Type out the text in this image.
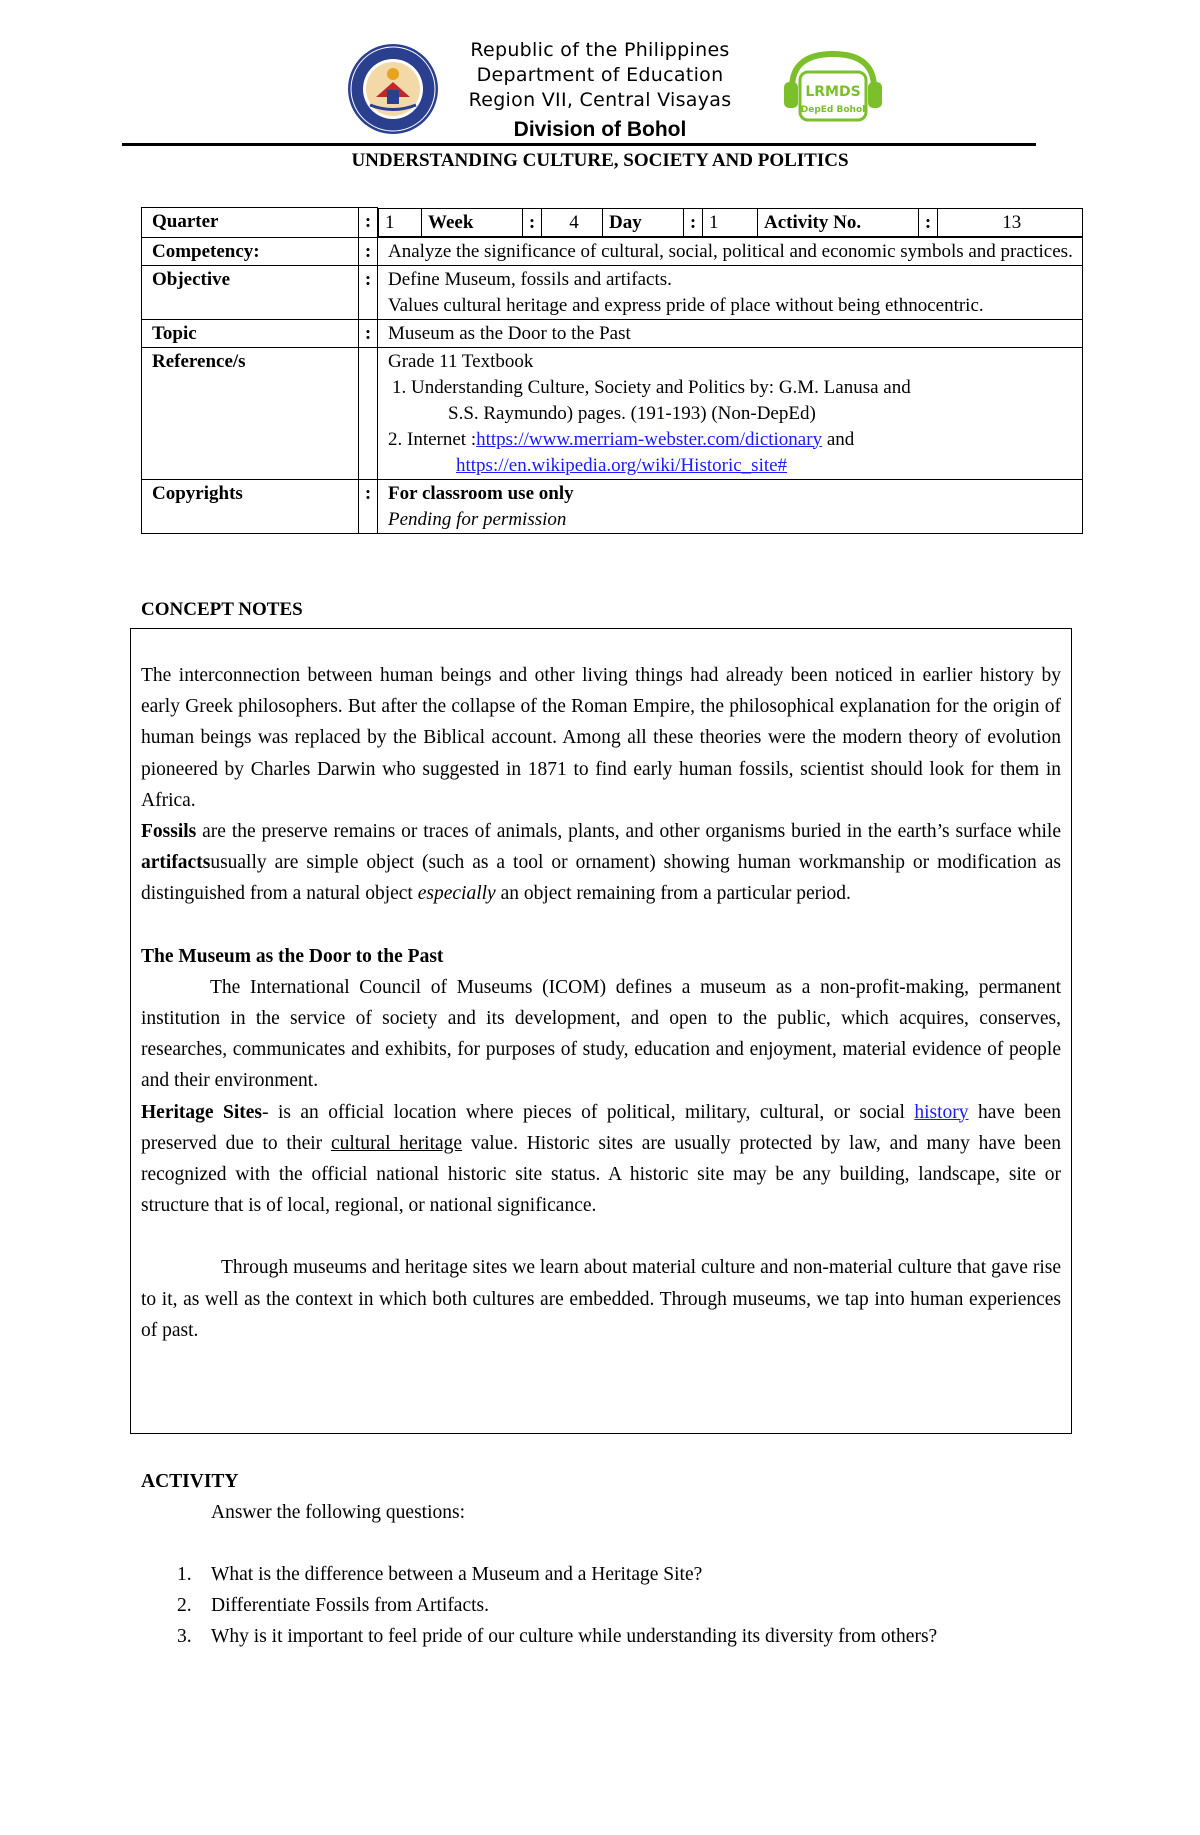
Republic of the Philippines
Department of Education
Region VII, Central Visayas	LRMDS
DepEd Bohol
Division of Bohol
UNDERSTANDING CULTURE, SOCIETY AND POLITICS
Quarter	:	1	Week	:	4	Day	:	1	Activity No.	:	13

Competency:	:	Analyze the significance of cultural, social, political and economic symbols and practices.
Objective	:	Define Museum, fossils and artifacts.
Values cultural heritage and express pride of place without being ethnocentric.

Topic	:	Museum as the Door to the Past
Reference/s		Grade 11 Textbook
1. Understanding Culture, Society and Politics by: G.M. Lanusa and
S.S. Raymundo) pages. (191-193) (Non-DepEd)
2. Internet :https://www.merriam-webster.com/dictionary and
https://en.wikipedia.org/wiki/Historic_site#

Copyrights	:	For classroom use only
Pending for permission
CONCEPT NOTES

The interconnection between human beings and other living things had already been noticed in earlier history by early Greek philosophers. But after the collapse of the Roman Empire, the philosophical explanation for the origin of human beings was replaced by the Biblical account. Among all these theories were the modern theory of evolution pioneered by Charles Darwin who suggested in 1871 to find early human fossils, scientist should look for them in Africa.

Fossils are the preserve remains or traces of animals, plants, and other organisms buried in the earth’s surface while artifactsusually are simple object (such as a tool or ornament) showing human workmanship or modification as distinguished from a natural object especially an object remaining from a particular period.

The Museum as the Door to the Past

The International Council of Museums (ICOM) defines a museum as a non-profit-making, permanent institution in the service of society and its development, and open to the public, which acquires, conserves, researches, communicates and exhibits, for purposes of study, education and enjoyment, material evidence of people and their environment.

Heritage Sites- is an official location where pieces of political, military, cultural, or social history have been preserved due to their cultural heritage value. Historic sites are usually protected by law, and many have been recognized with the official national historic site status. A historic site may be any building, landscape, site or structure that is of local, regional, or national significance.

Through museums and heritage sites we learn about material culture and non-material culture that gave rise to it, as well as the context in which both cultures are embedded. Through museums, we tap into human experiences of past.

ACTIVITY
Answer the following questions:
1. What is the difference between a Museum and a Heritage Site?
2. Differentiate Fossils from Artifacts.
3. Why is it important to feel pride of our culture while understanding its diversity from others?
